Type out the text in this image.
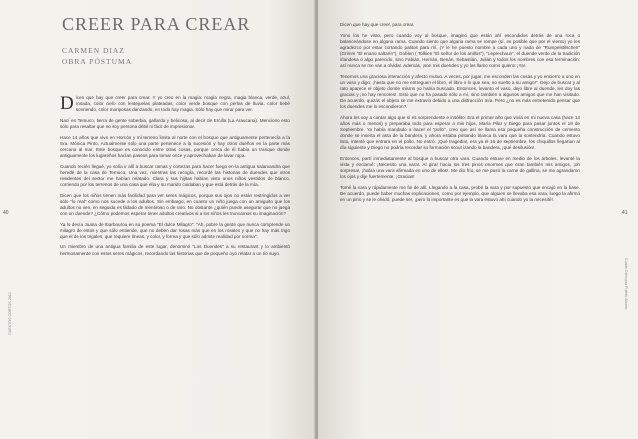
CREER PARA CREAR
CARMEN DIAZ
OBRA PÓSTUMA

Dicen que hay que creer para crear. Y yo creo en la magia: magia negra, magia blanca, verde, azul, rosada, color cielo con lentejuelas plateadas, color verde bosque con perlas de lluvia, color bebé sonriendo, color mariposas danzando, en todo hay magia. Sólo hay que mirar para ver.

Nací en Temuco, tierra de gente soberbia, gallarda y belicosa, al decir de Ercilla (La Araucana). Menciono esto sólo para resaltar que no soy persona débil ni fácil de impresionar.

Hace 14 años que vivo en Horcón y mi terreno limita al norte con el bosque que antiguamente pertenecía a la Sra. Mónica Pinto. Actualmente sólo una parte pertenece a la sucesión y hay otros dueños en la parte más cercana al mar. Este bosque es conocido entre otras cosas, porque cerca de él había un tranque donde antiguamente los lugareños hacían paseos para tomar once y aprovechaban de lavar ropa.

Cuando recién llegué, yo solía ir allí a buscar ramas y cortezas para hacer fuego en la antigua salamandra que heredé de la casa de Temuco. Una vez, mientras las recogía, recordé las historias de duendes que otros residentes del sector me habían relatado. Clara y sus hijitas habían visto unos niños vestidos de blanco, corriendo por los terrenos de una casa que ella y su marido cuidaban y que está detrás de la mía.

Dicen que los niños tienen más facilidad para ver seres mágicos, porque sus ojos no están restringidos a ver sólo "lo real" como nos sucede a los adultos. Sin embargo, en cuanto un niño juega con un amiguito que los adultos no ven, en seguida es tildado de mentiroso o de raro. No obstante ¿quién puede asegurar que no juega con un duende? ¿Cómo podemos esperar tener adultos creativos si a los niños les truncamos su imaginación?

Ya lo decía Juana de Ibarbourou en su poema "El dulce Milagro": "Ah, pobre la gente que nunca comprende un milagro de estos y que sólo entiende, que no deben dar rosas más que en los rosales y que no hay más trigo que el de los trigales, que requiere líneas, y color, y forma y que sólo admite realidad por norma".

Un miembro de una antigua familia de este lugar, denominó "Los Duendes" a su restaurant y lo ambientó hermosamente con estos seres mágicos, recordando las historias que de pequeño oyó relatar a un tío suyo.

40
CUENTOS CORTOS 2013

Dicen que hay que creer, para crear.

Yono los he visto, pero cuando voy al bosque, imagino que están ahí escondidos detrás de una roca o balanceándose en alguna rama. Cuando siento que alguna rama se rompe (sí, es posible que por el viento) yo les agradezco por estar cortando palitos para mí. (Y le he puesto nombre a cada uno y nada de "Rumpelstilschen" (Grimm "El enano saltarín"), Goblen ( Tolkien "El señor de los anillos"), "Leprechaun", el duende verde de la tradición irlandesa o algo parecido, sino Fabián, Hernán, Benán, Sebastián, Julián y todos los nombres con esa terminación: así nunca se me van a olvidar. Además, ¡son mis duendes y yo los llamo como quiero! ¡Ya!.

Tenemos una graciosa interacción y afecto mutuo. A veces, por jugar, me esconden las cosas y yo encierro a uno en un vaso y digo: ¡hasta que no me entreguen el libro, el libro o lo que sea, no suelto a su amigo!". Dejo de buscar y al rato aparece el objeto donde mismo yo había buscado. Entonces, levanto el vaso, dejo libre al duende, les doy las gracias y ¡no hay rencores!. Esto que no ha pasado sólo a mí, sino también a algunos amigos que me han visitado. De acuerdo, quizás el objeto se me extravió debido a una distracción mía. Pero ¿no es más entretenido pensar que los duendes me lo escondieron?.

Ahora les voy a contar algo que sí es sorprendente e insólito: Era el primer año que vivía en mi nueva casa (hace 14 años más o menos) y preparaba todo para esperar a mis hijos, María Pilar y Diego para pasar juntos el 18 de Septiembre. Ya había mandado a hacer el "pollo", creo que así se llama esa pequeña construcción de cemento donde se inserta el asta de la bandera, y ahora estaba pintando blanca la vara que la sostendría. Cuando estuvo lista, intenté que entrara en el pollo. No entró. ¡Qué tragedia!, era ya el 16 de septiembre, los chiquillos llegarían al día siguiente y Diego no podría recordar su formación scout izando la bandera, ¡qué desilusión!.

Entonces, partí inmediatamente al bosque a buscar otra vara. Cuando estuve en medio de los árboles, levanté la vista y exclamé: ¡Necesito una vara!. Al girar hacia los tres pinos enormes que eran también mis amigos, ¡oh sorpresa!, ¡había una vara afirmada en uno de ellos!. Me dio frío, se me pusó la carne de gallina, se me agrandaron los ojos y dije fuertemente: ¡Gracias!

Tomé la vara y rápidamente me fui de allí. Llegando a la casa, probé la vara y por supuesto que encajó en la base. De acuerdo, puede haber muchas explicaciones, como por ejemplo, que alguien se llevaba esa vara, luego la afirmó en un pino y se le olvidó, puede ser, ¡pero lo importante es que la vara estuvo ahí cuando yo la necesité!.

41
Cuarto Concurso Pueblo Abierto
